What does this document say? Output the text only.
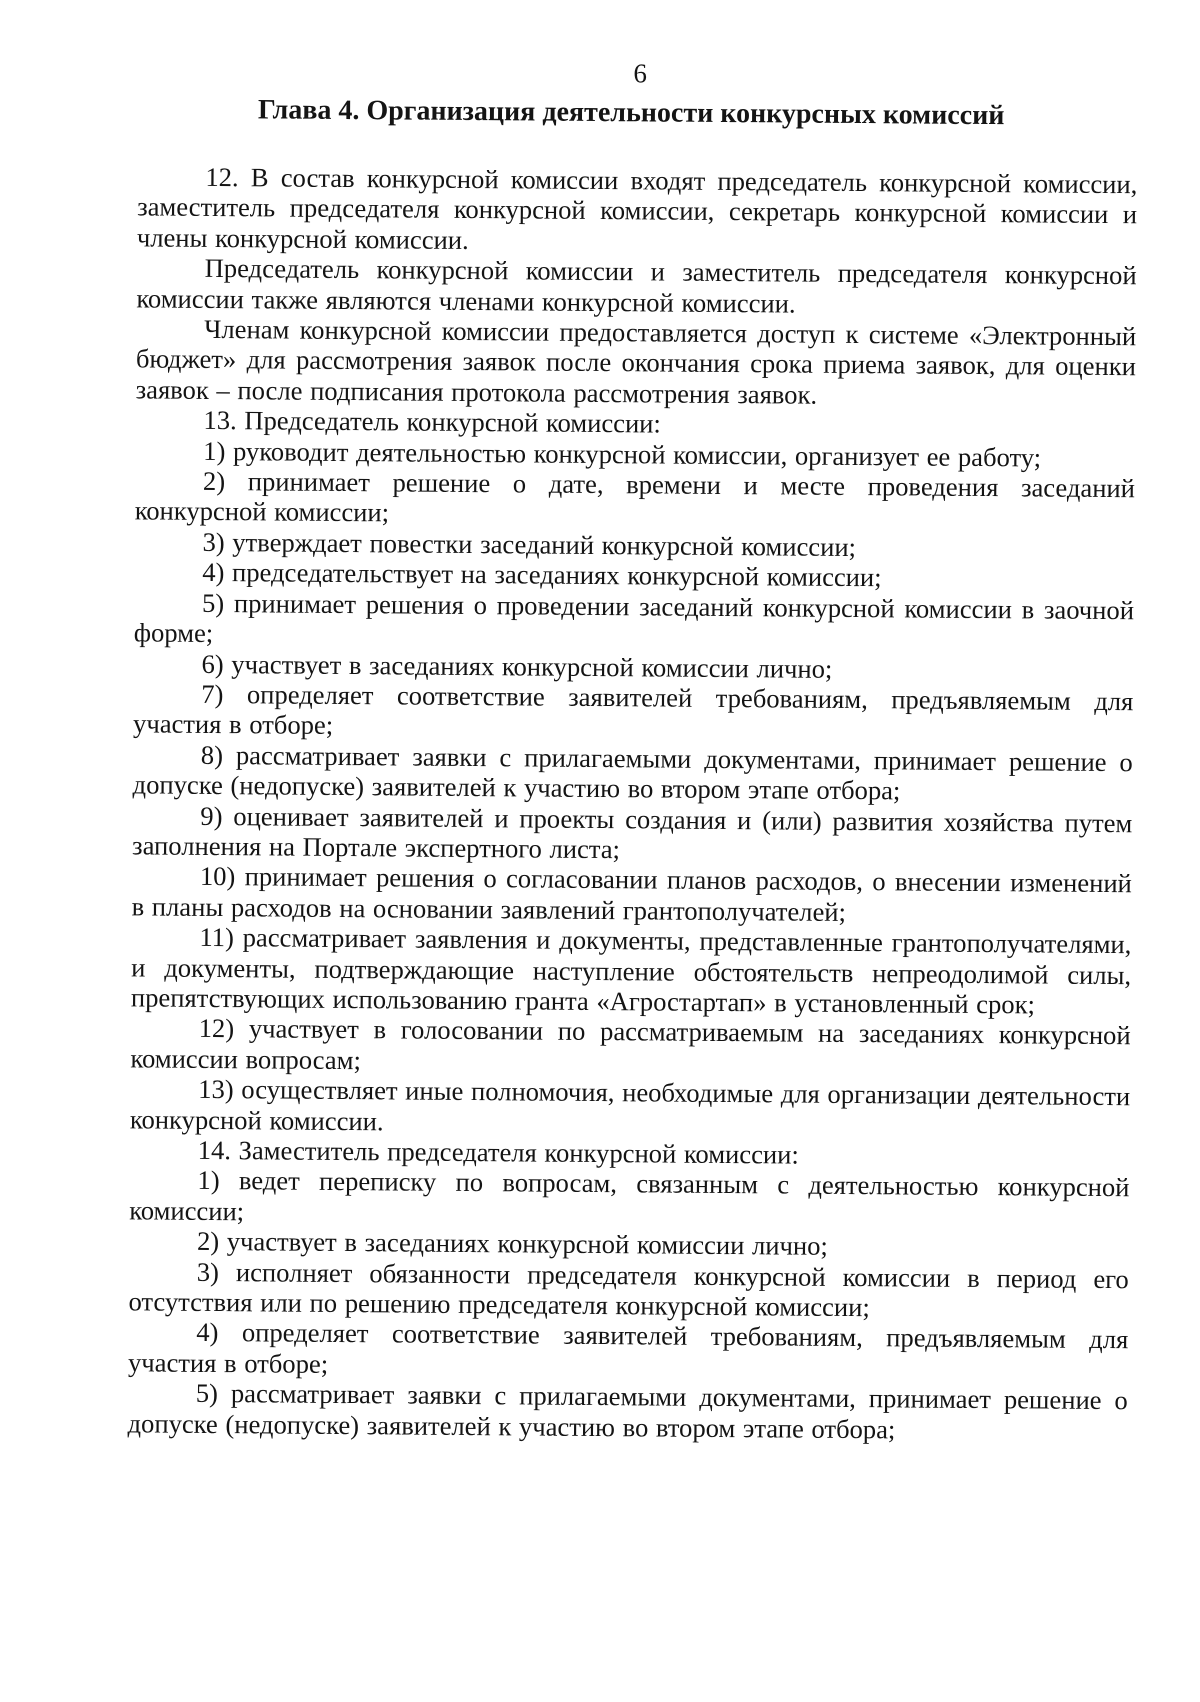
6
Глава 4. Организация деятельности конкурсных комиссий

12. В состав конкурсной комиссии входят председатель конкурсной комиссии, заместитель председателя конкурсной комиссии, секретарь конкурсной комиссии и члены конкурсной комиссии.

Председатель конкурсной комиссии и заместитель председателя конкурсной комиссии также являются членами конкурсной комиссии.

Членам конкурсной комиссии предоставляется доступ к системе «Электронный бюджет» для рассмотрения заявок после окончания срока приема заявок, для оценки заявок – после подписания протокола рассмотрения заявок.

13. Председатель конкурсной комиссии:

1) руководит деятельностью конкурсной комиссии, организует ее работу;

2) принимает решение о дате, времени и месте проведения заседаний конкурсной комиссии;

3) утверждает повестки заседаний конкурсной комиссии;

4) председательствует на заседаниях конкурсной комиссии;

5) принимает решения о проведении заседаний конкурсной комиссии в заочной форме;

6) участвует в заседаниях конкурсной комиссии лично;

7) определяет соответствие заявителей требованиям, предъявляемым для участия в отборе;

8) рассматривает заявки с прилагаемыми документами, принимает решение о допуске (недопуске) заявителей к участию во втором этапе отбора;

9) оценивает заявителей и проекты создания и (или) развития хозяйства путем заполнения на Портале экспертного листа;

10) принимает решения о согласовании планов расходов, о внесении изменений в планы расходов на основании заявлений грантополучателей;

11) рассматривает заявления и документы, представленные грантополучателями, и документы, подтверждающие наступление обстоятельств непреодолимой силы, препятствующих использованию гранта «Агростартап» в установленный срок;

12) участвует в голосовании по рассматриваемым на заседаниях конкурсной комиссии вопросам;

13) осуществляет иные полномочия, необходимые для организации деятельности конкурсной комиссии.

14. Заместитель председателя конкурсной комиссии:

1) ведет переписку по вопросам, связанным с деятельностью конкурсной комиссии;

2) участвует в заседаниях конкурсной комиссии лично;

3) исполняет обязанности председателя конкурсной комиссии в период его отсутствия или по решению председателя конкурсной комиссии;

4) определяет соответствие заявителей требованиям, предъявляемым для участия в отборе;

5) рассматривает заявки с прилагаемыми документами, принимает решение о допуске (недопуске) заявителей к участию во втором этапе отбора;
